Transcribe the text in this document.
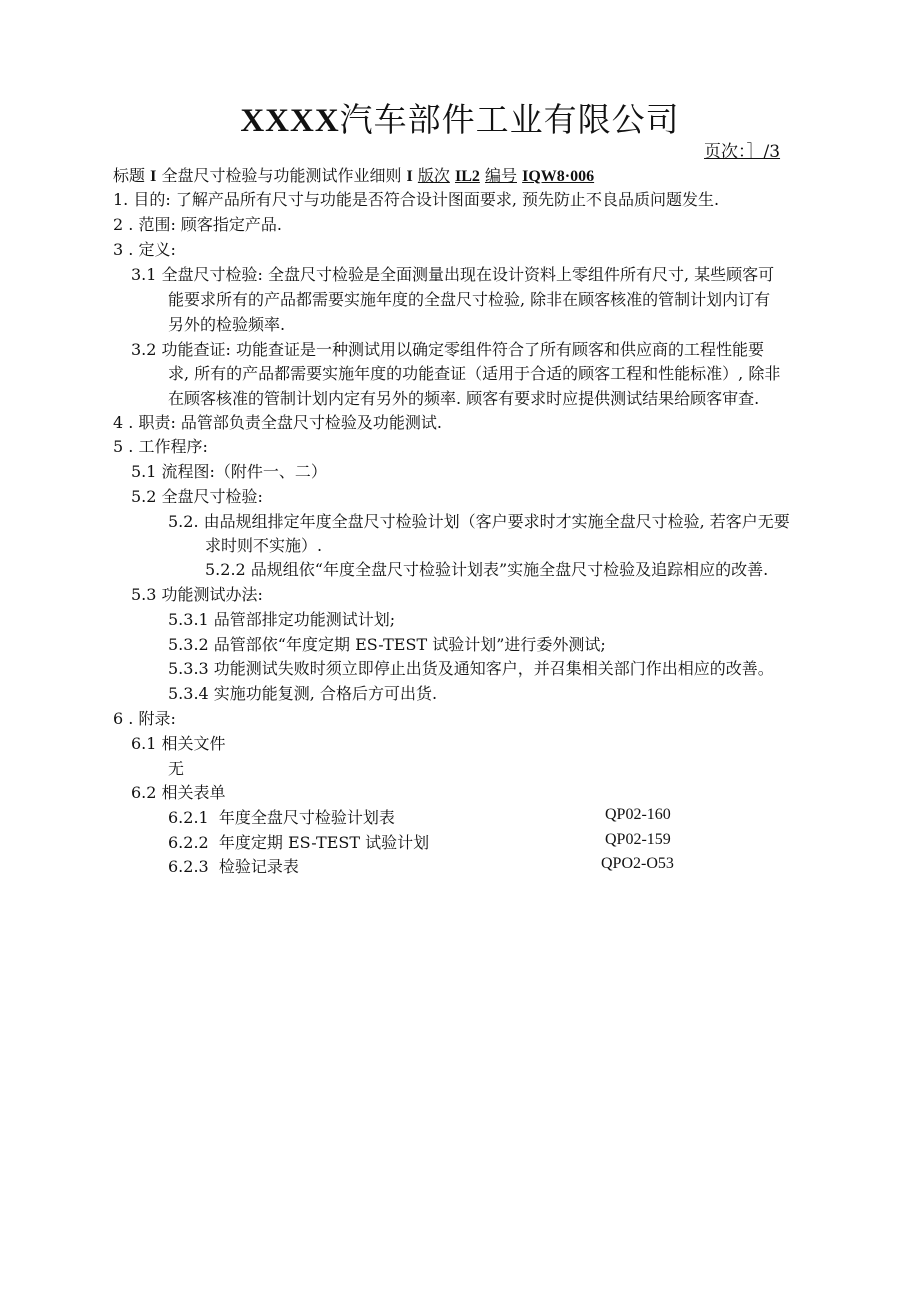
XXXX汽车部件工业有限公司
页次：］/3
标题 I 全盘尺寸检验与功能测试作业细则 I 版次 IL2 编号 IQW8·006
1. 目的: 了解产品所有尺寸与功能是否符合设计图面要求, 预先防止不良品质问题发生.
2 . 范围: 顾客指定产品.
3 . 定义:
3.1 全盘尺寸检验: 全盘尺寸检验是全面测量出现在设计资料上零组件所有尺寸, 某些顾客可
能要求所有的产品都需要实施年度的全盘尺寸检验, 除非在顾客核准的管制计划内订有
另外的检验频率.
3.2 功能查证: 功能查证是一种测试用以确定零组件符合了所有顾客和供应商的工程性能要
求, 所有的产品都需要实施年度的功能查证（适用于合适的顾客工程和性能标准）, 除非
在顾客核准的管制计划内定有另外的频率. 顾客有要求时应提供测试结果给顾客审查.
4 . 职责: 品管部负责全盘尺寸检验及功能测试.
5 . 工作程序:
5.1 流程图:（附件一、二）
5.2 全盘尺寸检验:
5.2. 由品规组排定年度全盘尺寸检验计划（客户要求时才实施全盘尺寸检验, 若客户无要
求时则不实施）.
5.2.2 品规组依“年度全盘尺寸检验计划表”实施全盘尺寸检验及追踪相应的改善.
5.3 功能测试办法:
5.3.1 品管部排定功能测试计划;
5.3.2 品管部依“年度定期 ES-TEST 试验计划”进行委外测试;
5.3.3 功能测试失败时须立即停止出货及通知客户，并召集相关部门作出相应的改善。
5.3.4 实施功能复测, 合格后方可出货.
6 . 附录:
6.1 相关文件
无
6.2 相关表单
6.2.1 年度全盘尺寸检验计划表	QP02-160
6.2.2 年度定期 ES-TEST 试验计划	QP02-159
6.2.3 检验记录表	QPO2-O53
